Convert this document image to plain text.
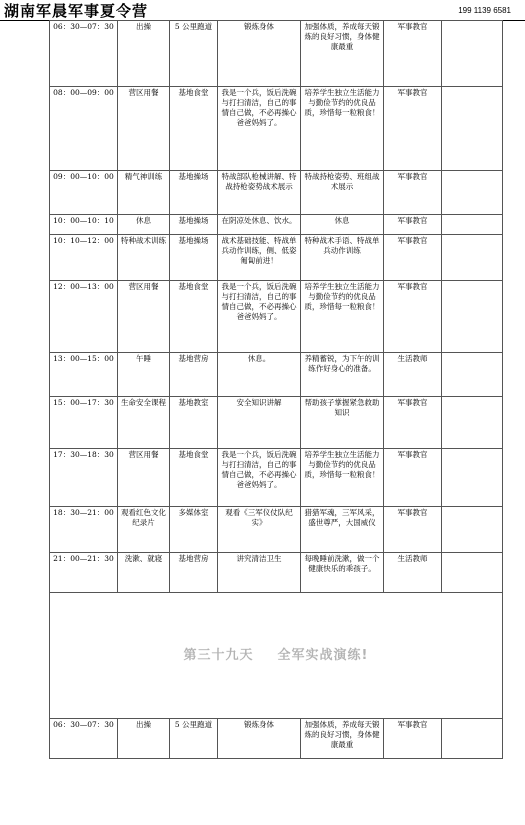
湖南军晨军事夏令营	199 1139 6581
06：30—07：30	出操	5 公里跑道	锻炼身体	加强体质，养成每天锻炼的良好习惯，身体健康最重	军事教官	
08：00—09：00	营区用餐	基地食堂	我是一个兵，饭后洗碗与打扫清洁，自己的事情自己做，不必再操心爸爸妈妈了。	培养学生独立生活能力与勤俭节约的优良品质，珍惜每一粒粮食！	军事教官	
09：00—10：00	精气神训练	基地操场	特战部队枪械讲解、特战持枪姿势战术展示	特战持枪姿势、班组战术展示	军事教官	
10：00—10：10	休息	基地操场	在阴凉处休息、饮水。	休息	军事教官	
10：10—12：00	特种战术训练	基地操场	战术基础技能、特战单兵动作训练，侧、低姿匍匐前进！	特种战术手语、特战单兵动作训练	军事教官	
12：00—13：00	营区用餐	基地食堂	我是一个兵，饭后洗碗与打扫清洁，自己的事情自己做，不必再操心爸爸妈妈了。	培养学生独立生活能力与勤俭节约的优良品质，珍惜每一粒粮食！	军事教官	
13：00—15：00	午睡	基地营房	休息。	养精蓄锐，为下午的训练作好身心的准备。	生活教师	
15：00—17：30	生命安全课程	基地教室	安全知识讲解	帮助孩子掌握紧急救助知识	军事教官	
17：30—18：30	营区用餐	基地食堂	我是一个兵，饭后洗碗与打扫清洁，自己的事情自己做，不必再操心爸爸妈妈了。	培养学生独立生活能力与勤俭节约的优良品质，珍惜每一粒粮食！	军事教官	
18：30—21：00	观看红色文化纪录片	多媒体室	观看《三军仪仗队纪实》	猎猎军魂，三军风采，盛世尊严，大国威仪	军事教官	
21：00—21：30	洗漱、就寝	基地营房	讲究清洁卫生	每晚睡前洗漱，做一个健康快乐的乖孩子。	生活教师	
第三十九天 全军实战演练!						
06：30—07：30	出操	5 公里跑道	锻炼身体	加强体质，养成每天锻炼的良好习惯，身体健康最重	军事教官	
